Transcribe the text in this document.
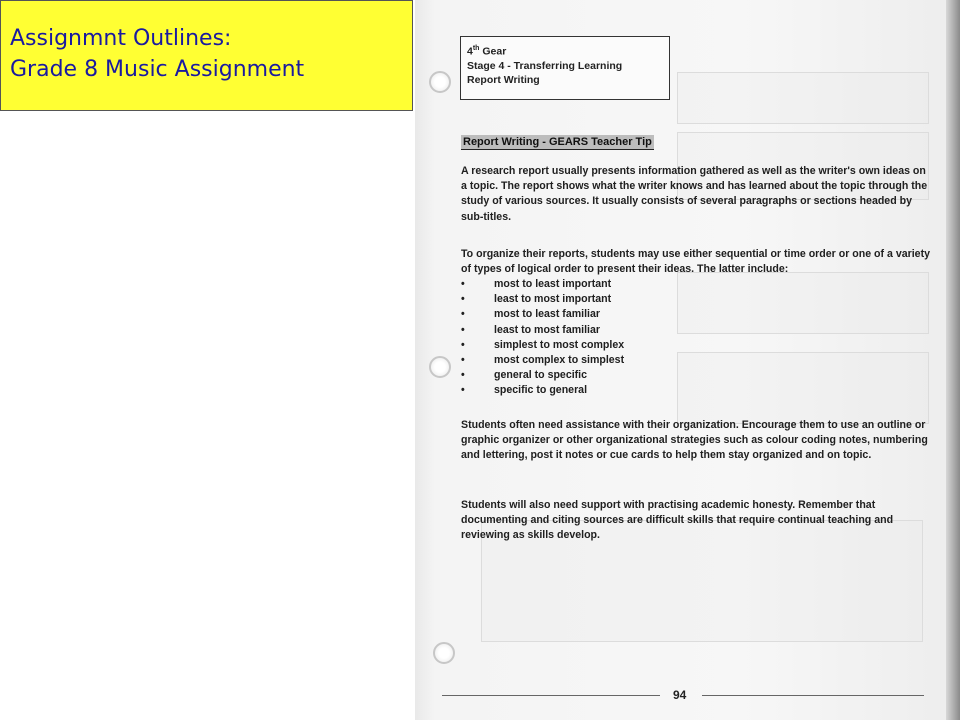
Assignmnt Outlines:
Grade 8 Music Assignment
4th Gear
Stage 4 - Transferring Learning
Report Writing
Report Writing - GEARS Teacher Tip
A research report usually presents information gathered as well as the writer's own ideas on a topic. The report shows what the writer knows and has learned about the topic through the study of various sources. It usually consists of several paragraphs or sections headed by sub-titles.
To organize their reports, students may use either sequential or time order or one of a variety of types of logical order to present their ideas. The latter include:
•	most to least important
•	least to most important
•	most to least familiar
•	least to most familiar
•	simplest to most complex
•	most complex to simplest
•	general to specific
•	specific to general
Students often need assistance with their organization. Encourage them to use an outline or graphic organizer or other organizational strategies such as colour coding notes, numbering and lettering, post it notes or cue cards to help them stay organized and on topic.
Students will also need support with practising academic honesty. Remember that documenting and citing sources are difficult skills that require continual teaching and reviewing as skills develop.
94
